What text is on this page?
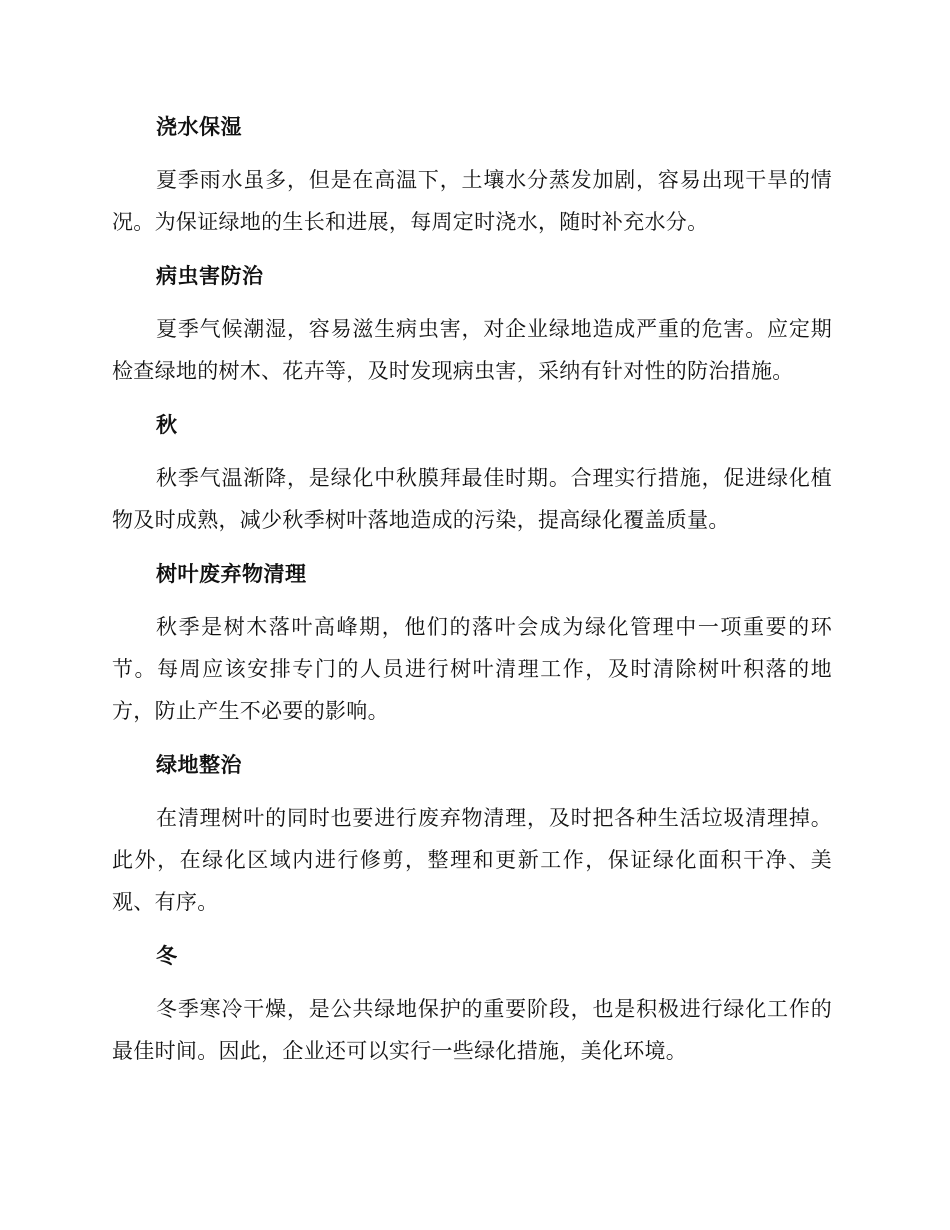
浇水保湿

夏季雨水虽多，但是在高温下，土壤水分蒸发加剧，容易出现干旱的情况。为保证绿地的生长和进展，每周定时浇水，随时补充水分。

病虫害防治

夏季气候潮湿，容易滋生病虫害，对企业绿地造成严重的危害。应定期检查绿地的树木、花卉等，及时发现病虫害，采纳有针对性的防治措施。

秋

秋季气温渐降，是绿化中秋膜拜最佳时期。合理实行措施，促进绿化植物及时成熟，减少秋季树叶落地造成的污染，提高绿化覆盖质量。

树叶废弃物清理

秋季是树木落叶高峰期，他们的落叶会成为绿化管理中一项重要的环节。每周应该安排专门的人员进行树叶清理工作，及时清除树叶积落的地方，防止产生不必要的影响。

绿地整治

在清理树叶的同时也要进行废弃物清理，及时把各种生活垃圾清理掉。此外，在绿化区域内进行修剪，整理和更新工作，保证绿化面积干净、美观、有序。

冬

冬季寒冷干燥，是公共绿地保护的重要阶段，也是积极进行绿化工作的最佳时间。因此，企业还可以实行一些绿化措施，美化环境。
